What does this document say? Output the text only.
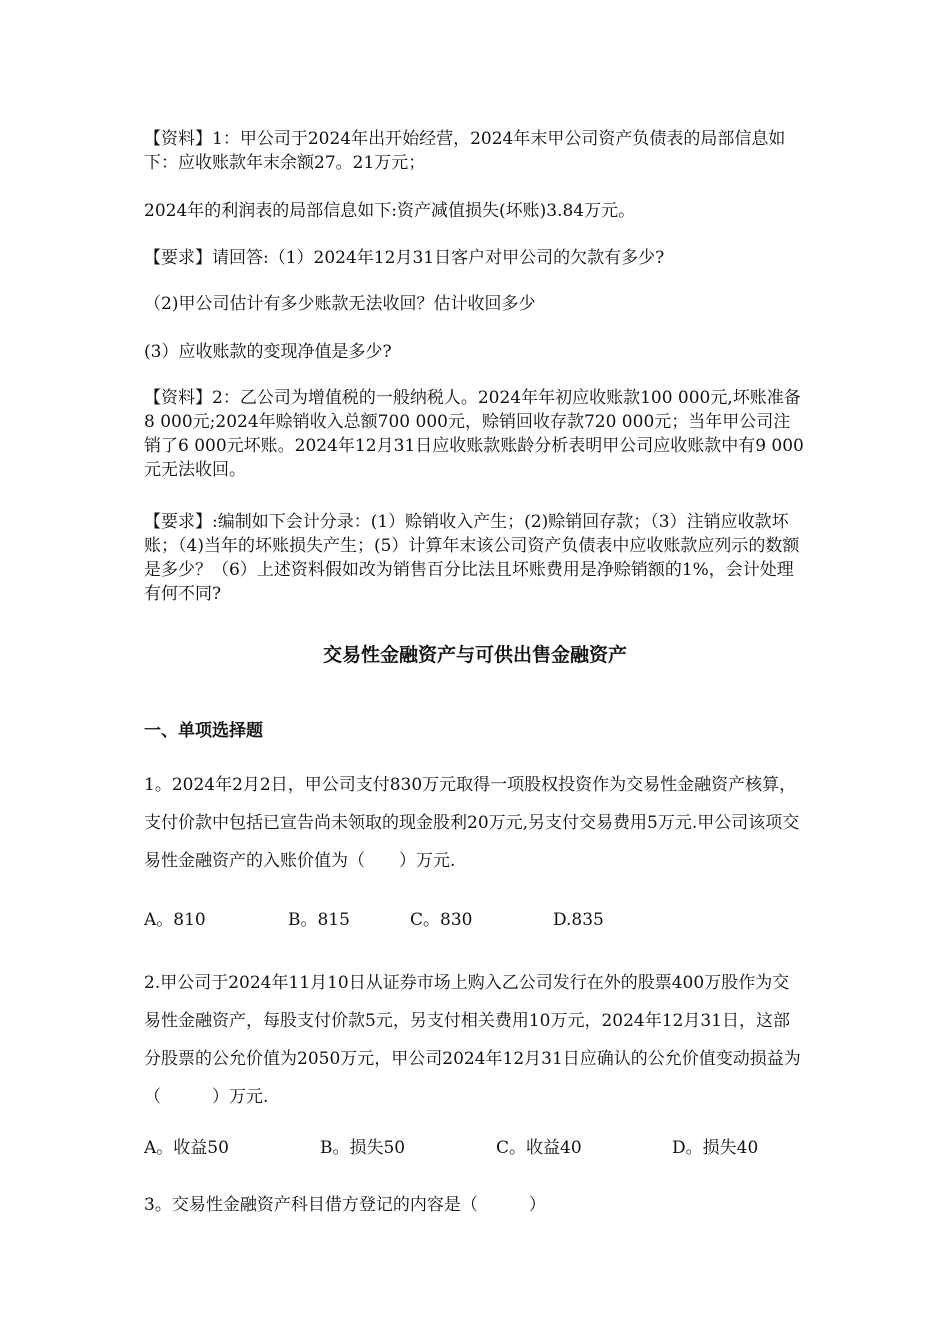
【资料】1：甲公司于2024年出开始经营，2024年末甲公司资产负债表的局部信息如下：应收账款年末余额27。21万元；

2024年的利润表的局部信息如下:资产减值损失(坏账)3.84万元。

【要求】请回答:（1）2024年12月31日客户对甲公司的欠款有多少?

（2)甲公司估计有多少账款无法收回？估计收回多少

(3）应收账款的变现净值是多少?

【资料】2：乙公司为增值税的一般纳税人。2024年年初应收账款100 000元,坏账准备8 000元;2024年赊销收入总额700 000元，赊销回收存款720 000元；当年甲公司注销了6 000元坏账。2024年12月31日应收账款账龄分析表明甲公司应收账款中有9 000元无法收回。

【要求】:编制如下会计分录：(1）赊销收入产生；(2)赊销回存款；（3）注销应收款坏账；（4)当年的坏账损失产生；(5）计算年末该公司资产负债表中应收账款应列示的数额是多少？（6）上述资料假如改为销售百分比法且坏账费用是净赊销额的1%，会计处理有何不同?

交易性金融资产与可供出售金融资产
一、单项选择题

1。2024年2月2日，甲公司支付830万元取得一项股权投资作为交易性金融资产核算，支付价款中包括已宣告尚未领取的现金股利20万元,另支付交易费用5万元.甲公司该项交易性金融资产的入账价值为（　　）万元.

A。810	B。815	C。830	D.835

2.甲公司于2024年11月10日从证券市场上购入乙公司发行在外的股票400万股作为交易性金融资产，每股支付价款5元，另支付相关费用10万元，2024年12月31日，这部分股票的公允价值为2050万元，甲公司2024年12月31日应确认的公允价值变动损益为（　　　）万元.

A。收益50	B。损失50	C。收益40	D。损失40

3。交易性金融资产科目借方登记的内容是（　　　）
